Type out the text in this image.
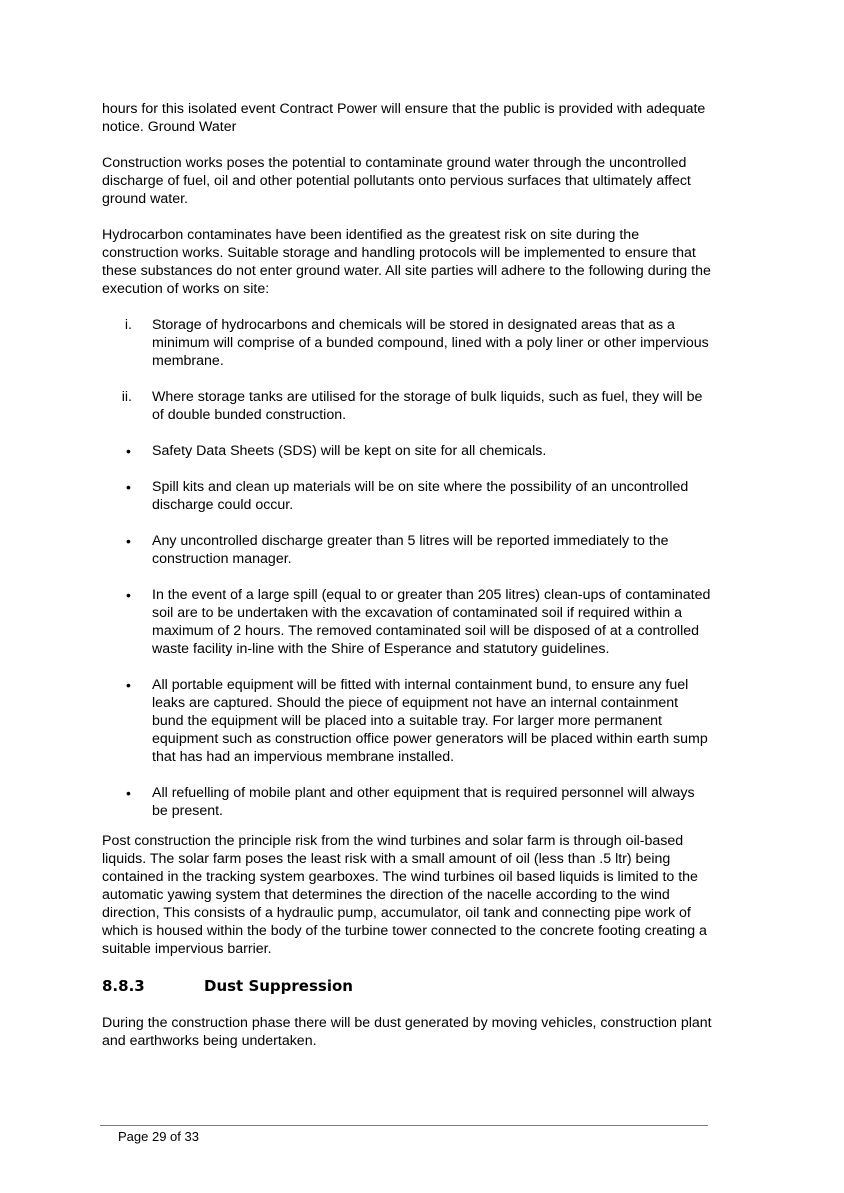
hours for this isolated event Contract Power will ensure that the public is provided with adequate notice. Ground Water

Construction works poses the potential to contaminate ground water through the uncontrolled discharge of fuel, oil and other potential pollutants onto pervious surfaces that ultimately affect ground water.

Hydrocarbon contaminates have been identified as the greatest risk on site during the construction works. Suitable storage and handling protocols will be implemented to ensure that these substances do not enter ground water. All site parties will adhere to the following during the execution of works on site:

i. Storage of hydrocarbons and chemicals will be stored in designated areas that as a minimum will comprise of a bunded compound, lined with a poly liner or other impervious membrane.
ii. Where storage tanks are utilised for the storage of bulk liquids, such as fuel, they will be of double bunded construction.
• Safety Data Sheets (SDS) will be kept on site for all chemicals.
• Spill kits and clean up materials will be on site where the possibility of an uncontrolled discharge could occur.
• Any uncontrolled discharge greater than 5 litres will be reported immediately to the construction manager.
• In the event of a large spill (equal to or greater than 205 litres) clean-ups of contaminated soil are to be undertaken with the excavation of contaminated soil if required within a maximum of 2 hours. The removed contaminated soil will be disposed of at a controlled waste facility in-line with the Shire of Esperance and statutory guidelines.
• All portable equipment will be fitted with internal containment bund, to ensure any fuel leaks are captured. Should the piece of equipment not have an internal containment bund the equipment will be placed into a suitable tray. For larger more permanent equipment such as construction office power generators will be placed within earth sump that has had an impervious membrane installed.
• All refuelling of mobile plant and other equipment that is required personnel will always be present.

Post construction the principle risk from the wind turbines and solar farm is through oil-based liquids. The solar farm poses the least risk with a small amount of oil (less than .5 ltr) being contained in the tracking system gearboxes. The wind turbines oil based liquids is limited to the automatic yawing system that determines the direction of the nacelle according to the wind direction, This consists of a hydraulic pump, accumulator, oil tank and connecting pipe work of which is housed within the body of the turbine tower connected to the concrete footing creating a suitable impervious barrier.

8.8.3	Dust Suppression

During the construction phase there will be dust generated by moving vehicles, construction plant and earthworks being undertaken.

Page 29 of 33
